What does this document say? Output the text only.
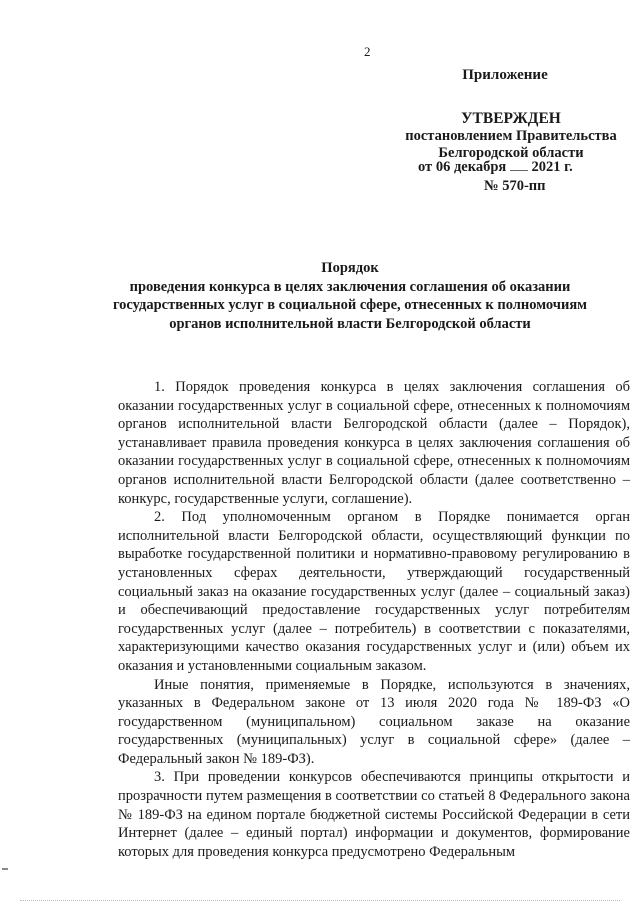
2
Приложение
УТВЕРЖДЕН
постановлением Правительства
Белгородской области
от 06 декабря 2021 г.
№ 570-пп
Порядок
проведения конкурса в целях заключения соглашения об оказании государственных услуг в социальной сфере, отнесенных к полномочиям органов исполнительной власти Белгородской области

1. Порядок проведения конкурса в целях заключения соглашения об оказании государственных услуг в социальной сфере, отнесенных к полномочиям органов исполнительной власти Белгородской области (далее – Порядок), устанавливает правила проведения конкурса в целях заключения соглашения об оказании государственных услуг в социальной сфере, отнесенных к полномочиям органов исполнительной власти Белгородской области (далее соответственно – конкурс, государственные услуги, соглашение).

2. Под уполномоченным органом в Порядке понимается орган исполнительной власти Белгородской области, осуществляющий функции по выработке государственной политики и нормативно-правовому регулированию в установленных сферах деятельности, утверждающий государственный социальный заказ на оказание государственных услуг (далее – социальный заказ) и обеспечивающий предоставление государственных услуг потребителям государственных услуг (далее – потребитель) в соответствии с показателями, характеризующими качество оказания государственных услуг и (или) объем их оказания и установленными социальным заказом.

Иные понятия, применяемые в Порядке, используются в значениях, указанных в Федеральном законе от 13 июля 2020 года № 189-ФЗ «О государственном (муниципальном) социальном заказе на оказание государственных (муниципальных) услуг в социальной сфере» (далее – Федеральный закон № 189-ФЗ).

3. При проведении конкурсов обеспечиваются принципы открытости и прозрачности путем размещения в соответствии со статьей 8 Федерального закона № 189-ФЗ на едином портале бюджетной системы Российской Федерации в сети Интернет (далее – единый портал) информации и документов, формирование которых для проведения конкурса предусмотрено Федеральным
